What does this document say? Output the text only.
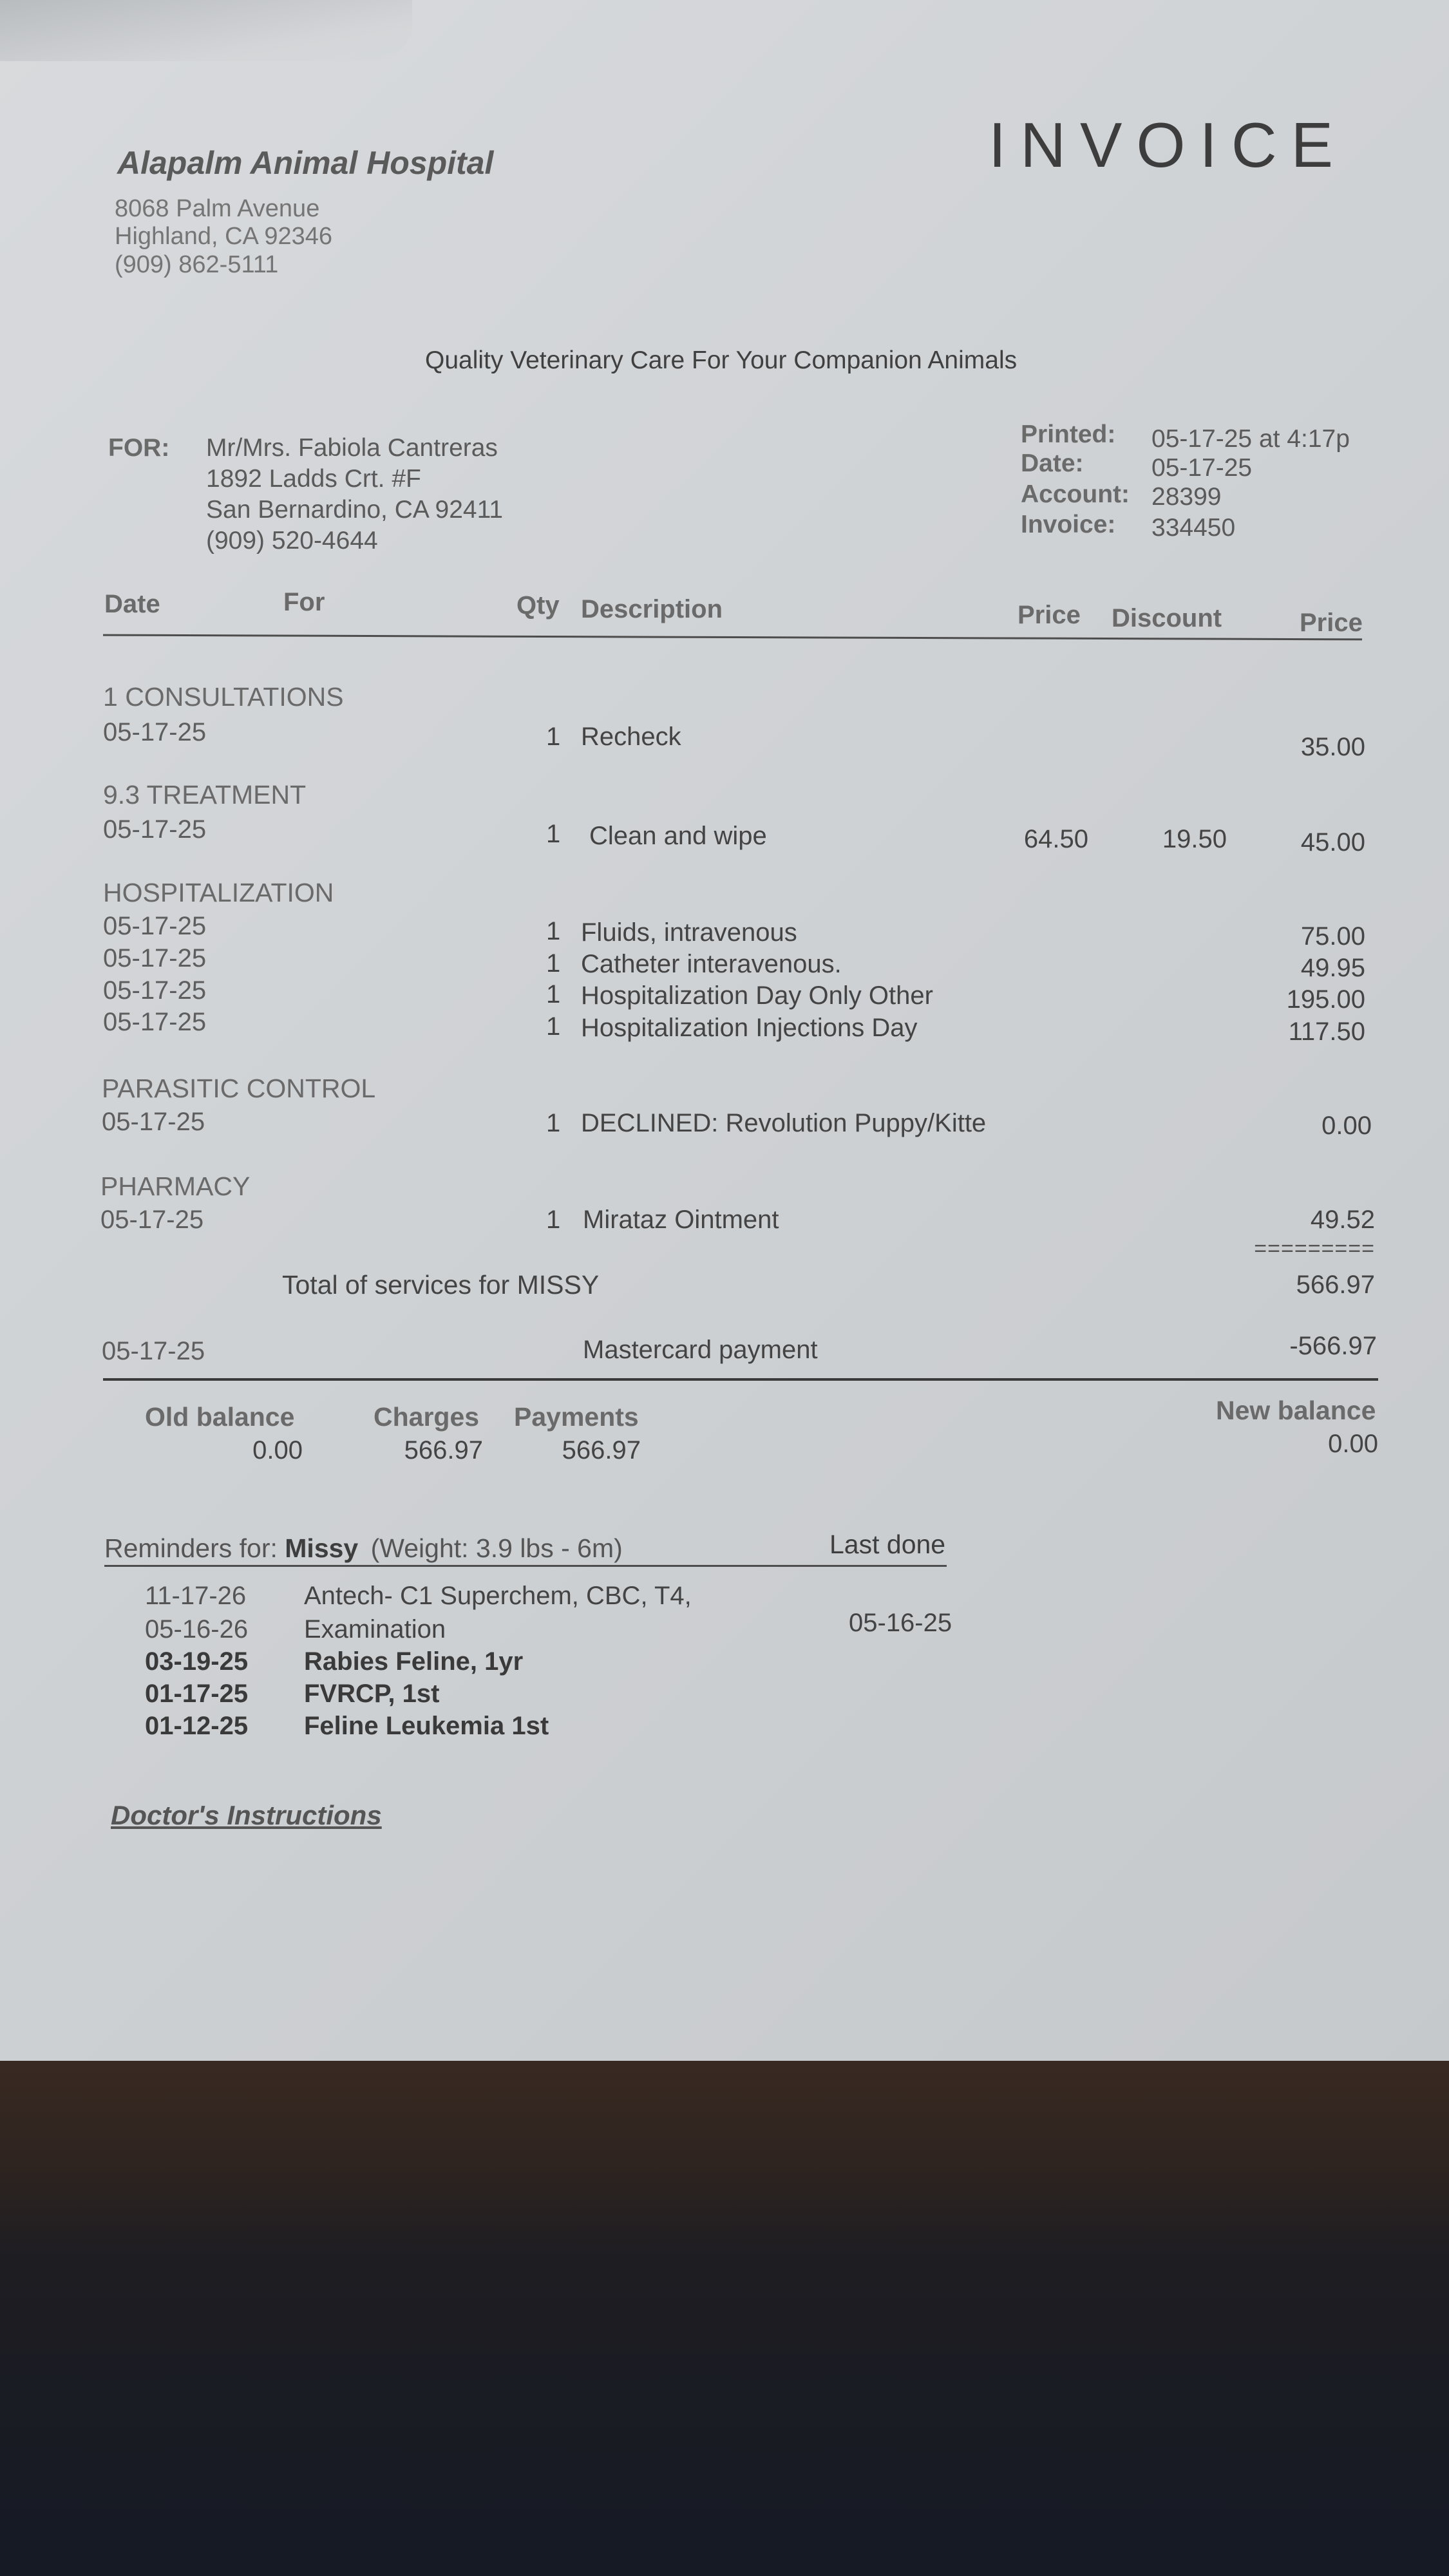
Alapalm Animal Hospital
8068 Palm Avenue
Highland, CA 92346
(909) 862-5111
INVOICE
Quality Veterinary Care For Your Companion Animals
FOR: Mr/Mrs. Fabiola Cantreras
1892 Ladds Crt. #F
San Bernardino, CA 92411
(909) 520-4644
Printed: 05-17-25 at 4:17p
Date:	05-17-25
Account: 28399
Invoice: 334450
Date	For	Qty Description	Price Discount	Price
1 CONSULTATIONS
05-17-25	1 Recheck	35.00
9.3 TREATMENT
05-17-25	1 Clean and wipe	64.50	19.50	45.00
HOSPITALIZATION
05-17-25	1 Fluids, intravenous	75.00
05-17-25	1 Catheter interavenous.	49.95
05-17-25	1 Hospitalization Day Only Other	195.00
05-17-25	1 Hospitalization Injections Day	117.50
PARASITIC CONTROL
05-17-25	1 DECLINED: Revolution Puppy/Kitte	0.00
PHARMACY
05-17-25	1 Mirataz Ointment	49.52
=========
Total of services for MISSY	566.97
05-17-25	Mastercard payment	-566.97
Old balance
0.00
Charges
566.97
Payments
566.97
New balance
0.00
Reminders for: Missy (Weight: 3.9 lbs - 6m)	Last done
11-17-26 Antech- C1 Superchem, CBC, T4,
05-16-26 Examination	05-16-25
03-19-25 Rabies Feline, 1yr
01-17-25 FVRCP, 1st
01-12-25 Feline Leukemia 1st
Doctor's Instructions
